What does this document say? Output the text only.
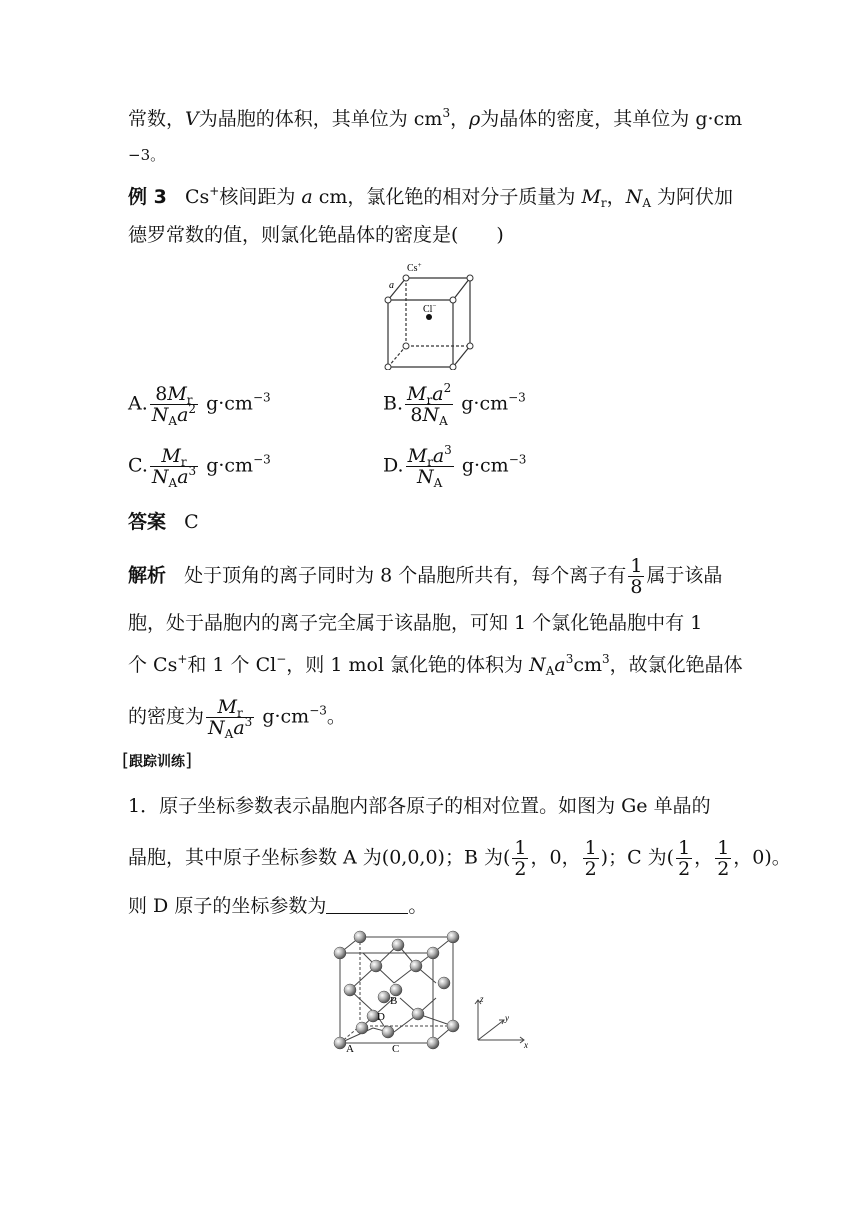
常数，V为晶胞的体积，其单位为 $cm^3$，ρ为晶体的密度，其单位为 g·cm
−3。
例 3 Cs+核间距为 a cm，氯化铯的相对分子质量为 $M_r$，$N_A$ 为阿伏加
德罗常数的值，则氯化铯晶体的密度是(　　)
Cs+
a
Cl−
A. $\frac{8M_r}{N_Aa^2} g\cdot cm^{-3}$	B. $\frac{M_ra^2}{8N_A} g\cdot cm^{-3}$
C. $\frac{M_r}{N_Aa^3} g\cdot cm^{-3}$	D. $\frac{M_ra^3}{N_A} g\cdot cm^{-3}$
答案 C
解析 处于顶角的离子同时为 8 个晶胞所共有，每个离子有 $\frac{1}{8}$ 属于该晶
胞，处于晶胞内的离子完全属于该晶胞，可知 1 个氯化铯晶胞中有 1
个 Cs+和 1 个 Cl−，则 1 mol 氯化铯的体积为 $N_Aa^3cm^3$，故氯化铯晶体
的密度为 $\frac{M_r}{N_Aa^3} g\cdot cm^{-3}$。
[跟踪训练]
1．原子坐标参数表示晶胞内部各原子的相对位置。如图为 Ge 单晶的
晶胞，其中原子坐标参数 A 为(0,0,0)；B 为( $\frac{1}{2}$ ，0， $\frac{1}{2}$ )；C 为( $\frac{1}{2}$ ， $\frac{1}{2}$ ，0)。
则 D 原子的坐标参数为	。
A
B
C
D
x
y
z
